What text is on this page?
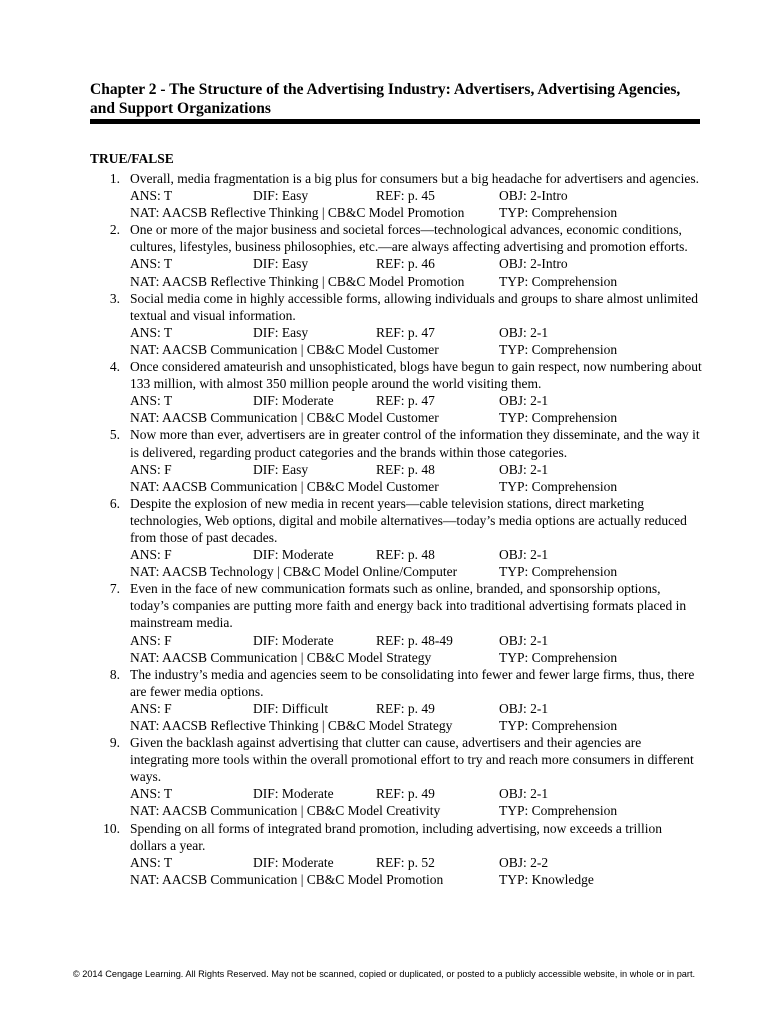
Chapter 2 - The Structure of the Advertising Industry: Advertisers, Advertising Agencies, and Support Organizations
TRUE/FALSE
1. Overall, media fragmentation is a big plus for consumers but a big headache for advertisers and agencies.
ANS: T	DIF: Easy	REF: p. 45	OBJ: 2-Intro
NAT: AACSB Reflective Thinking | CB&C Model Promotion	TYP: Comprehension
2. One or more of the major business and societal forces—technological advances, economic conditions, cultures, lifestyles, business philosophies, etc.—are always affecting advertising and promotion efforts.
ANS: T	DIF: Easy	REF: p. 46	OBJ: 2-Intro
NAT: AACSB Reflective Thinking | CB&C Model Promotion	TYP: Comprehension
3. Social media come in highly accessible forms, allowing individuals and groups to share almost unlimited textual and visual information.
ANS: T	DIF: Easy	REF: p. 47	OBJ: 2-1
NAT: AACSB Communication | CB&C Model Customer	TYP: Comprehension
4. Once considered amateurish and unsophisticated, blogs have begun to gain respect, now numbering about 133 million, with almost 350 million people around the world visiting them.
ANS: T	DIF: Moderate	REF: p. 47	OBJ: 2-1
NAT: AACSB Communication | CB&C Model Customer	TYP: Comprehension
5. Now more than ever, advertisers are in greater control of the information they disseminate, and the way it is delivered, regarding product categories and the brands within those categories.
ANS: F	DIF: Easy	REF: p. 48	OBJ: 2-1
NAT: AACSB Communication | CB&C Model Customer	TYP: Comprehension
6. Despite the explosion of new media in recent years—cable television stations, direct marketing technologies, Web options, digital and mobile alternatives—today’s media options are actually reduced from those of past decades.
ANS: F	DIF: Moderate	REF: p. 48	OBJ: 2-1
NAT: AACSB Technology | CB&C Model Online/Computer	TYP: Comprehension
7. Even in the face of new communication formats such as online, branded, and sponsorship options, today’s companies are putting more faith and energy back into traditional advertising formats placed in mainstream media.
ANS: F	DIF: Moderate	REF: p. 48-49	OBJ: 2-1
NAT: AACSB Communication | CB&C Model Strategy	TYP: Comprehension
8. The industry’s media and agencies seem to be consolidating into fewer and fewer large firms, thus, there are fewer media options.
ANS: F	DIF: Difficult	REF: p. 49	OBJ: 2-1
NAT: AACSB Reflective Thinking | CB&C Model Strategy	TYP: Comprehension
9. Given the backlash against advertising that clutter can cause, advertisers and their agencies are integrating more tools within the overall promotional effort to try and reach more consumers in different ways.
ANS: T	DIF: Moderate	REF: p. 49	OBJ: 2-1
NAT: AACSB Communication | CB&C Model Creativity	TYP: Comprehension
10. Spending on all forms of integrated brand promotion, including advertising, now exceeds a trillion dollars a year.
ANS: T	DIF: Moderate	REF: p. 52	OBJ: 2-2
NAT: AACSB Communication | CB&C Model Promotion	TYP: Knowledge
© 2014 Cengage Learning. All Rights Reserved. May not be scanned, copied or duplicated, or posted to a publicly accessible website, in whole or in part.
